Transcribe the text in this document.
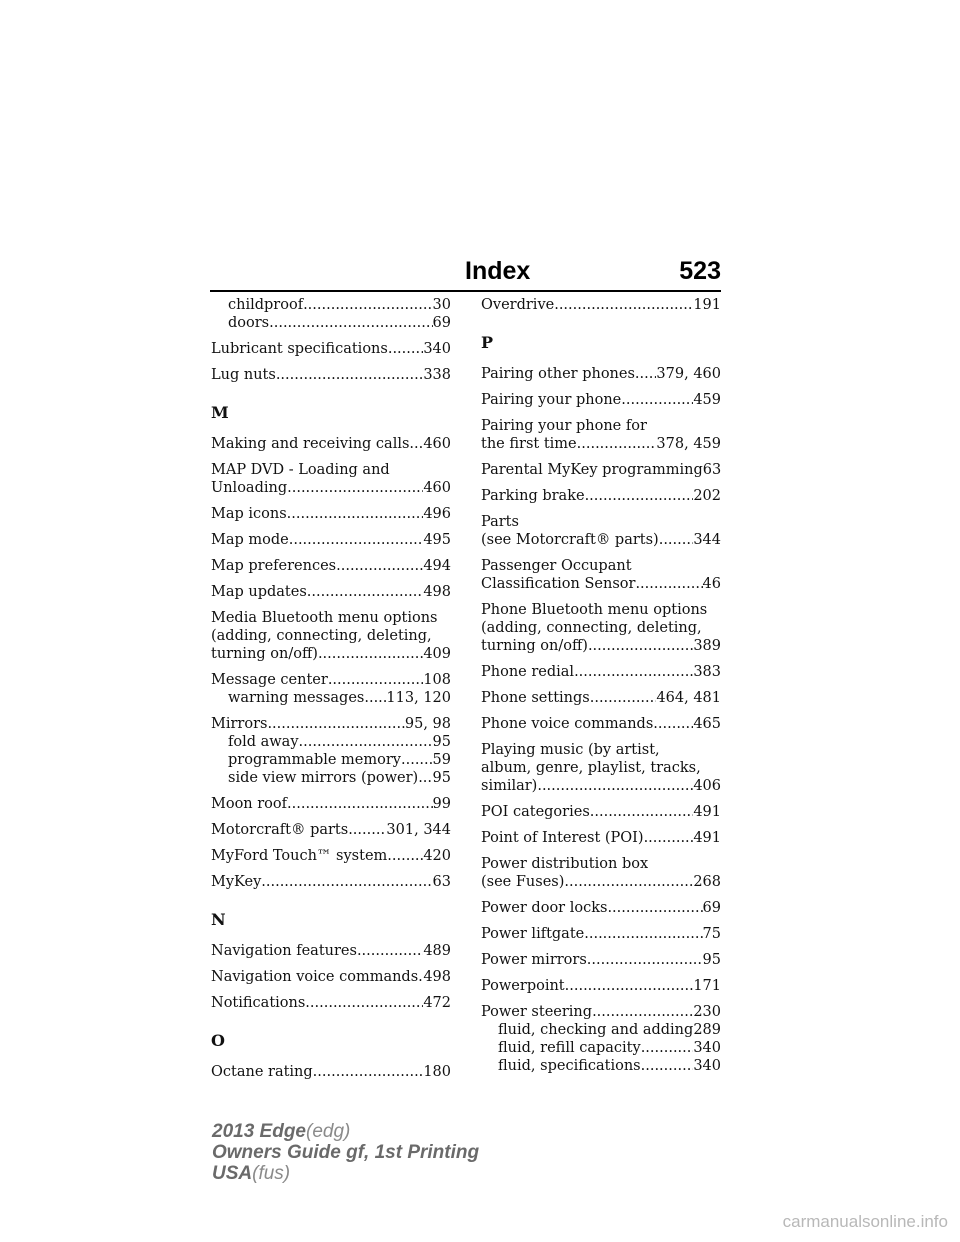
Index	523
childproof .....	30
doors .....	69
Lubricant specifications ..... 340
Lug nuts .....	338
M
Making and receiving calls ..... 460
MAP DVD - Loading and
Unloading .....	460
Map icons .....	496
Map mode .....	495
Map preferences .....	494
Map updates .....	498
Media Bluetooth menu options
(adding, connecting, deleting,
turning on/off) .....	409
Message center .....	108
warning messages ..... 113, 120
Mirrors .....	95, 98
fold away .....	95
programmable memory ..... 59
side view mirrors (power) ..... 95
Moon roof .....	99
Motorcraft® parts .....	301, 344
MyFord Touch™ system ..... 420
MyKey .....	63
N
Navigation features .....	489
Navigation voice commands ..... 498
Notifications .....	472
O
Octane rating .....	180
Overdrive .....	191
P
Pairing other phones ..... 379, 460
Pairing your phone .....	459
Pairing your phone for
the first time .....	378, 459
Parental MyKey programming 63
Parking brake .....	202
Parts
(see Motorcraft® parts) ..... 344
Passenger Occupant
Classification Sensor .....	46
Phone Bluetooth menu options
(adding, connecting, deleting,
turning on/off) .....	389
Phone redial .....	383
Phone settings .....	464, 481
Phone voice commands .....	465
Playing music (by artist,
album, genre, playlist, tracks,
similar) .....	406
POI categories .....	491
Point of Interest (POI) .....	491
Power distribution box
(see Fuses) .....	268
Power door locks .....	69
Power liftgate .....	75
Power mirrors .....	95
Powerpoint .....	171
Power steering .....	230
fluid, checking and adding 289
fluid, refill capacity .....	340
fluid, specifications .....	340
2013 Edge(edg)
Owners Guide gf, 1st Printing
USA(fus)
carmanualsonline.info
